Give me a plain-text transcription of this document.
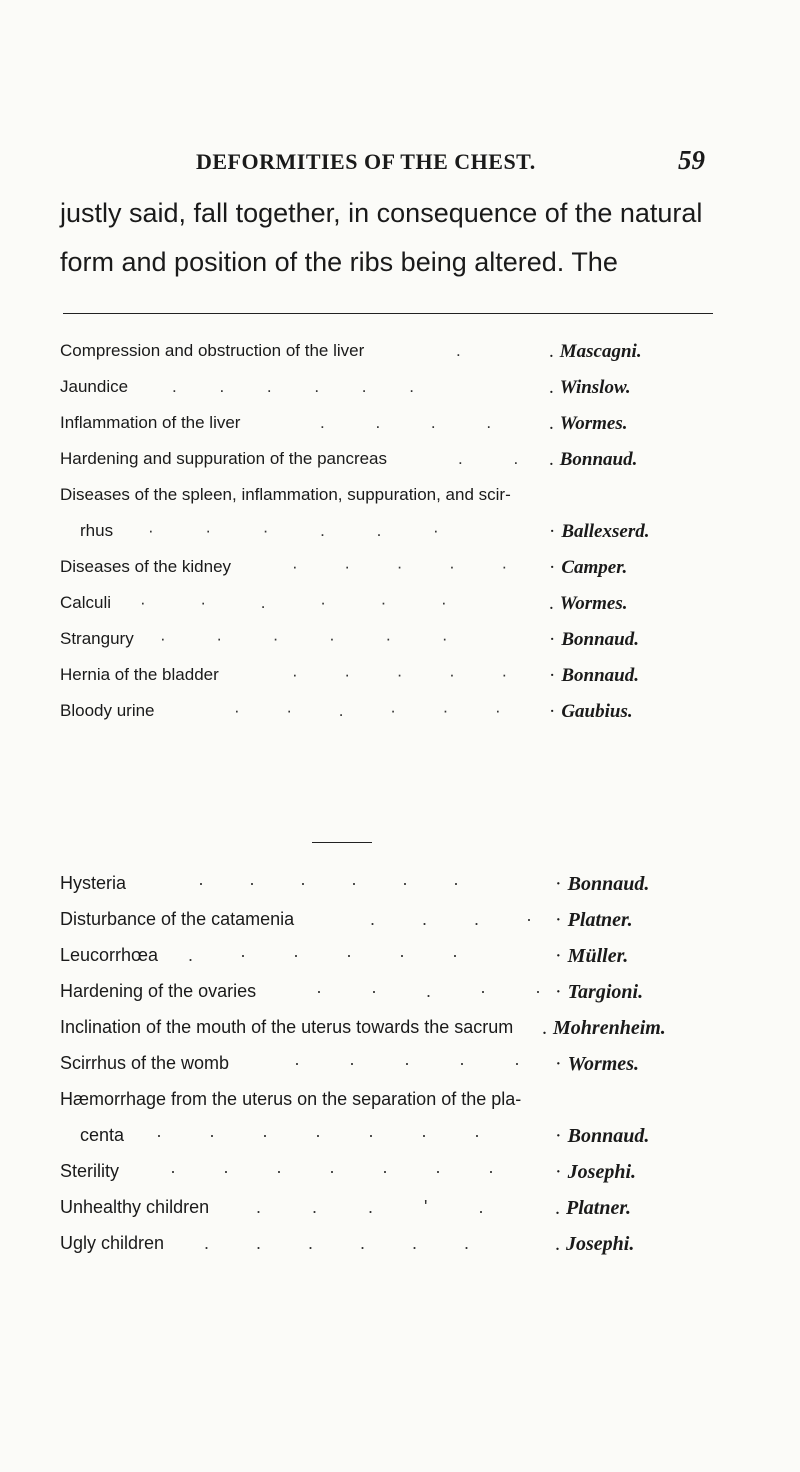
DEFORMITIES OF THE CHEST.	59
justly said, fall together, in consequence of the natural
form and position of the ribs being altered. The
Compression and obstruction of the liver	.	. Mascagni.
Jaundice	. . . . . .	. Winslow.
Inflammation of the liver	. . . .	. Wormes.
Hardening and suppuration of the pancreas	. . . Bonnaud.
Diseases of the spleen, inflammation, suppuration, and scir-
rhus · · · . . ·	· Ballexserd.
Diseases of the kidney	· · · · · · Camper.
Calculi · · . · · ·	. Wormes.
Strangury · · · · · ·	· Bonnaud.
Hernia of the bladder	· · · · · · Bonnaud.
Bloody urine	· · . · · · · Gaubius.
Hysteria	· · · · · ·	· Bonnaud.
Disturbance of the catamenia	. . . · · Platner.
Leucorrhœa . · · · · ·	· Müller.
Hardening of the ovaries	· · . · · · Targioni.
Inclination of the mouth of the uterus towards the sacrum . Mohrenheim.
Scirrhus of the womb	· · · · · · Wormes.
Hæmorrhage from the uterus on the separation of the pla-
centa · · · · · · ·	· Bonnaud.
Sterility	· · · · · · ·	· Josephi.
Unhealthy children	. . . ' .	. Platner.
Ugly children . . . . . .	. Josephi.
